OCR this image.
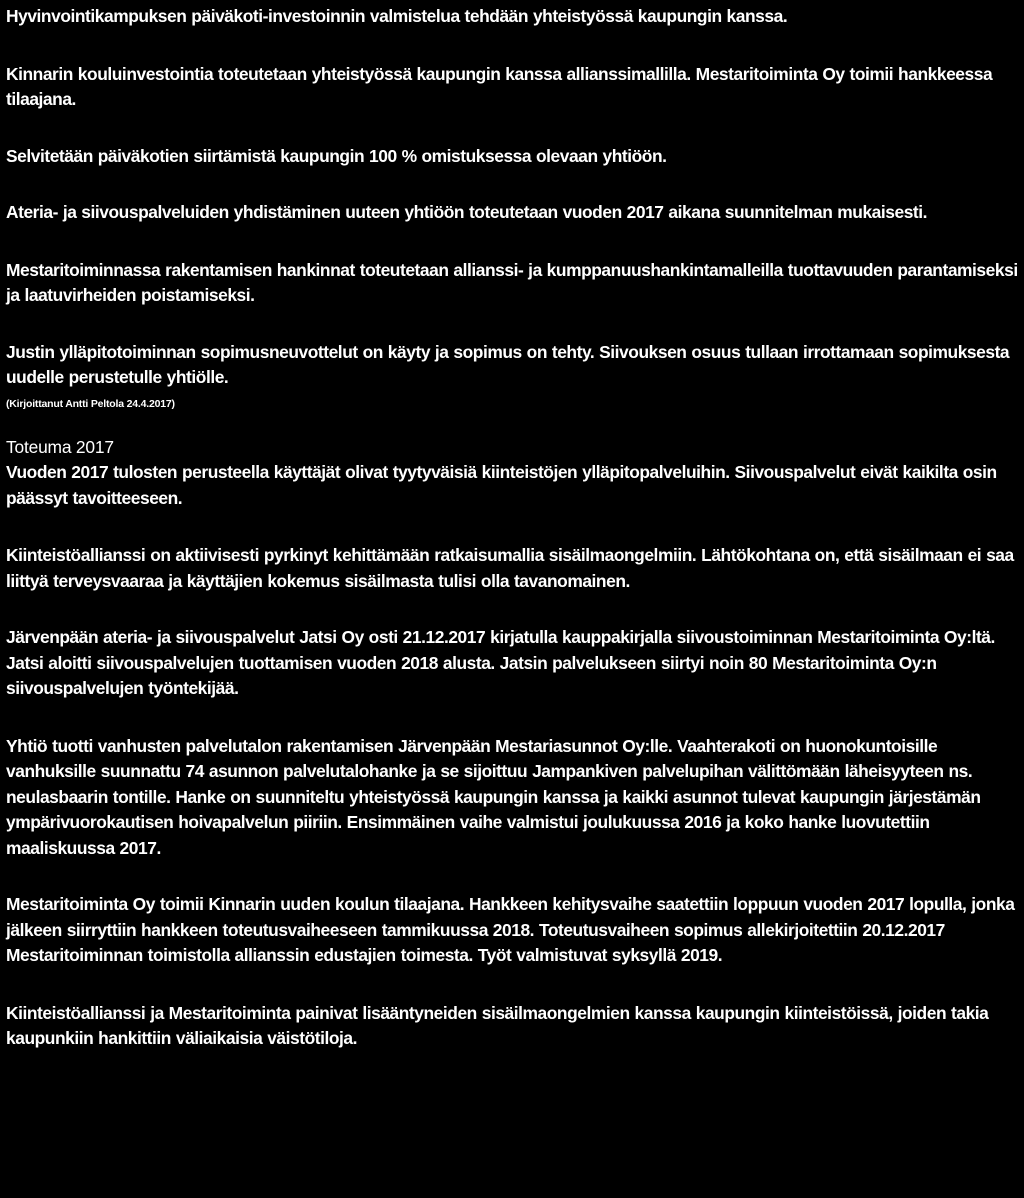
Hyvinvointikampuksen päiväkoti-investoinnin valmistelua tehdään yhteistyössä kaupungin kanssa.

Kinnarin kouluinvestointia toteutetaan yhteistyössä kaupungin kanssa allianssimallilla. Mestaritoiminta Oy toimii hankkeessa tilaajana.

Selvitetään päiväkotien siirtämistä kaupungin 100 % omistuksessa olevaan yhtiöön.

Ateria- ja siivouspalveluiden yhdistäminen uuteen yhtiöön toteutetaan vuoden 2017 aikana suunnitelman mukaisesti.

Mestaritoiminnassa rakentamisen hankinnat toteutetaan allianssi- ja kumppanuushankintamalleilla tuottavuuden parantamiseksi ja laatuvirheiden poistamiseksi.

Justin ylläpitotoiminnan sopimusneuvottelut on käyty ja sopimus on tehty. Siivouksen osuus tullaan irrottamaan sopimuksesta uudelle perustetulle yhtiölle.

(Kirjoittanut Antti Peltola 24.4.2017)

Toteuma 2017

Vuoden 2017 tulosten perusteella käyttäjät olivat tyytyväisiä kiinteistöjen ylläpitopalveluihin. Siivouspalvelut eivät kaikilta osin päässyt tavoitteeseen.

Kiinteistöallianssi on aktiivisesti pyrkinyt kehittämään ratkaisumallia sisäilmaongelmiin. Lähtökohtana on, että sisäilmaan ei saa liittyä terveysvaaraa ja käyttäjien kokemus sisäilmasta tulisi olla tavanomainen.

Järvenpään ateria- ja siivouspalvelut Jatsi Oy osti 21.12.2017 kirjatulla kauppakirjalla siivoustoiminnan Mestaritoiminta Oy:ltä. Jatsi aloitti siivouspalvelujen tuottamisen vuoden 2018 alusta. Jatsin palvelukseen siirtyi noin 80 Mestaritoiminta Oy:n siivouspalvelujen työntekijää.

Yhtiö tuotti vanhusten palvelutalon rakentamisen Järvenpään Mestariasunnot Oy:lle. Vaahterakoti on huonokuntoisille vanhuksille suunnattu 74 asunnon palvelutalohanke ja se sijoittuu Jampankiven palvelupihan välittömään läheisyyteen ns. neulasbaarin tontille. Hanke on suunniteltu yhteistyössä kaupungin kanssa ja kaikki asunnot tulevat kaupungin järjestämän ympärivuorokautisen hoivapalvelun piiriin. Ensimmäinen vaihe valmistui joulukuussa 2016 ja koko hanke luovutettiin maaliskuussa 2017.

Mestaritoiminta Oy toimii Kinnarin uuden koulun tilaajana. Hankkeen kehitysvaihe saatettiin loppuun vuoden 2017 lopulla, jonka jälkeen siirryttiin hankkeen toteutusvaiheeseen tammikuussa 2018. Toteutusvaiheen sopimus allekirjoitettiin 20.12.2017 Mestaritoiminnan toimistolla allianssin edustajien toimesta. Työt valmistuvat syksyllä 2019.

Kiinteistöallianssi ja Mestaritoiminta painivat lisääntyneiden sisäilmaongelmien kanssa kaupungin kiinteistöissä, joiden takia kaupunkiin hankittiin väliaikaisia väistötiloja.
